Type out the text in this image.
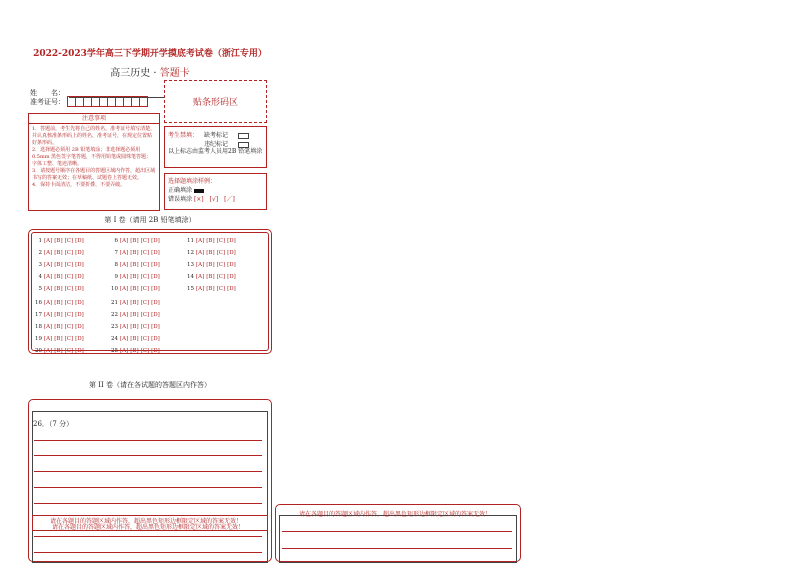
2022-2023学年高三下学期开学摸底考试卷（浙江专用）
高三历史 · 答题卡
姓　　名：
准考证号：	贴条形码区
注意事项
1．答题前，考生先将自己的姓名，准考证号填写清楚，并认真核准条形码上的姓名、准考证号，在规定位置贴好条形码。
2．选择题必须用 2B 铅笔填涂；非选择题必须用 0.5mm 黑色签字笔答题，不得用铅笔或圆珠笔答题；字体工整、笔迹清晰。
3．请按题号顺序在各题目的答题区域内作答，超出区域书写的答案无效；在草稿纸、试题卷上答题无效。
4．保持卡面清洁，不要折叠、不要弄破。
考生禁填： 缺考标记
违纪标记
以上标志由监考人员用2B 铅笔填涂
选择题填涂样例：
正确填涂
错误填涂 [×]　[√]　[／]
第 I 卷（请用 2B 铅笔填涂）
1 [A] [B] [C] [D]
2 [A] [B] [C] [D]
3 [A] [B] [C] [D]
4 [A] [B] [C] [D]
5 [A] [B] [C] [D]
6 [A] [B] [C] [D]
7 [A] [B] [C] [D]
8 [A] [B] [C] [D]
9 [A] [B] [C] [D]
10 [A] [B] [C] [D]
11 [A] [B] [C] [D]
12 [A] [B] [C] [D]
13 [A] [B] [C] [D]
14 [A] [B] [C] [D]
15 [A] [B] [C] [D]
16 [A] [B] [C] [D]
17 [A] [B] [C] [D]
18 [A] [B] [C] [D]
19 [A] [B] [C] [D]
20 [A] [B] [C] [D]
21 [A] [B] [C] [D]
22 [A] [B] [C] [D]
23 [A] [B] [C] [D]
24 [A] [B] [C] [D]
25 [A] [B] [C] [D]
第 II 卷（请在各试题的答题区内作答）
26．（7 分）
请在各题目的答题区域内作答，超出黑色矩形边框限定区域的答案无效！
请在各题目的答题区域内作答，超出黑色矩形边框限定区域的答案无效！
请在各题目的答题区域内作答，超出黑色矩形边框限定区域的答案无效！
